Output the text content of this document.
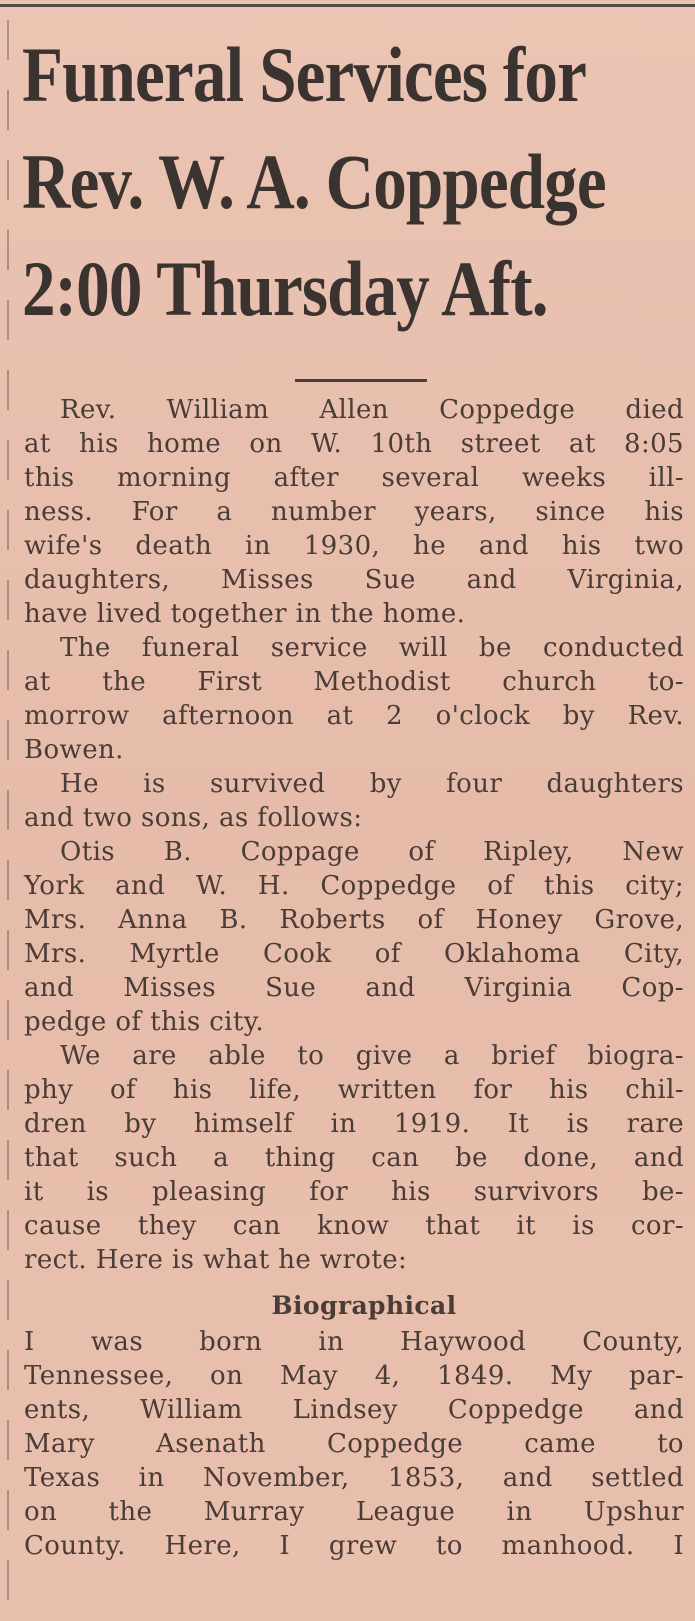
Funeral Services for
Rev. W. A. Coppedge
2:00 Thursday Aft.
Rev. William Allen Coppedge died
at his home on W. 10th street at 8:05
this morning after several weeks ill-
ness. For a number years, since his
wife's death in 1930, he and his two
daughters, Misses Sue and Virginia,
have lived together in the home.
The funeral service will be conducted
at the First Methodist church to-
morrow afternoon at 2 o'clock by Rev.
Bowen.
He is survived by four daughters
and two sons, as follows:
Otis B. Coppage of Ripley, New
York and W. H. Coppedge of this city;
Mrs. Anna B. Roberts of Honey Grove,
Mrs. Myrtle Cook of Oklahoma City,
and Misses Sue and Virginia Cop-
pedge of this city.
We are able to give a brief biogra-
phy of his life, written for his chil-
dren by himself in 1919. It is rare
that such a thing can be done, and
it is pleasing for his survivors be-
cause they can know that it is cor-
rect. Here is what he wrote:
Biographical
I was born in Haywood County,
Tennessee, on May 4, 1849. My par-
ents, William Lindsey Coppedge and
Mary Asenath Coppedge came to
Texas in November, 1853, and settled
on the Murray League in Upshur
County. Here, I grew to manhood. I
